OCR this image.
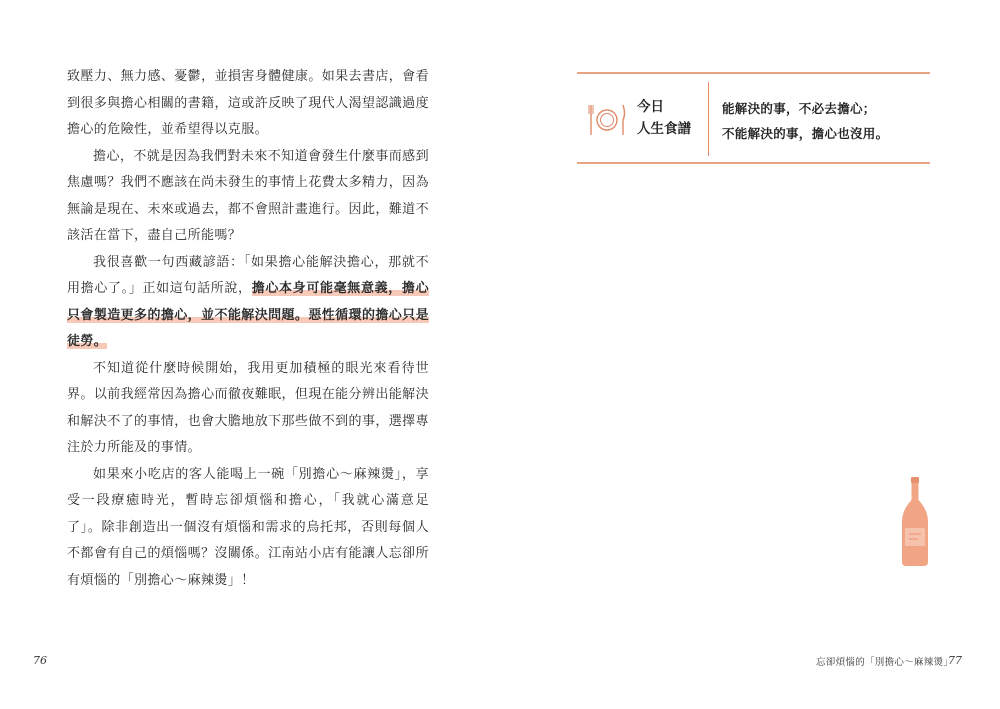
致壓力、無力感、憂鬱，並損害身體健康。如果去書店，會看到很多與擔心相關的書籍，這或許反映了現代人渴望認識過度擔心的危險性，並希望得以克服。

擔心，不就是因為我們對未來不知道會發生什麼事而感到焦慮嗎？我們不應該在尚未發生的事情上花費太多精力，因為無論是現在、未來或過去，都不會照計畫進行。因此，難道不該活在當下，盡自己所能嗎？

我很喜歡一句西藏諺語：「如果擔心能解決擔心，那就不用擔心了。」正如這句話所說，擔心本身可能毫無意義，擔心只會製造更多的擔心，並不能解決問題。惡性循環的擔心只是徒勞。

不知道從什麼時候開始，我用更加積極的眼光來看待世界。以前我經常因為擔心而徹夜難眠，但現在能分辨出能解決和解決不了的事情，也會大膽地放下那些做不到的事，選擇專注於力所能及的事情。

如果來小吃店的客人能喝上一碗「別擔心～麻辣燙」，享受一段療癒時光，暫時忘卻煩惱和擔心，「我就心滿意足了」。除非創造出一個沒有煩惱和需求的烏托邦，否則每個人不都會有自己的煩惱嗎？沒關係。江南站小店有能讓人忘卻所有煩惱的「別擔心～麻辣燙」！

76
今日
人生食譜
能解決的事，不必去擔心；
不能解決的事，擔心也沒用。
忘卻煩惱的「別擔心～麻辣燙」
77
